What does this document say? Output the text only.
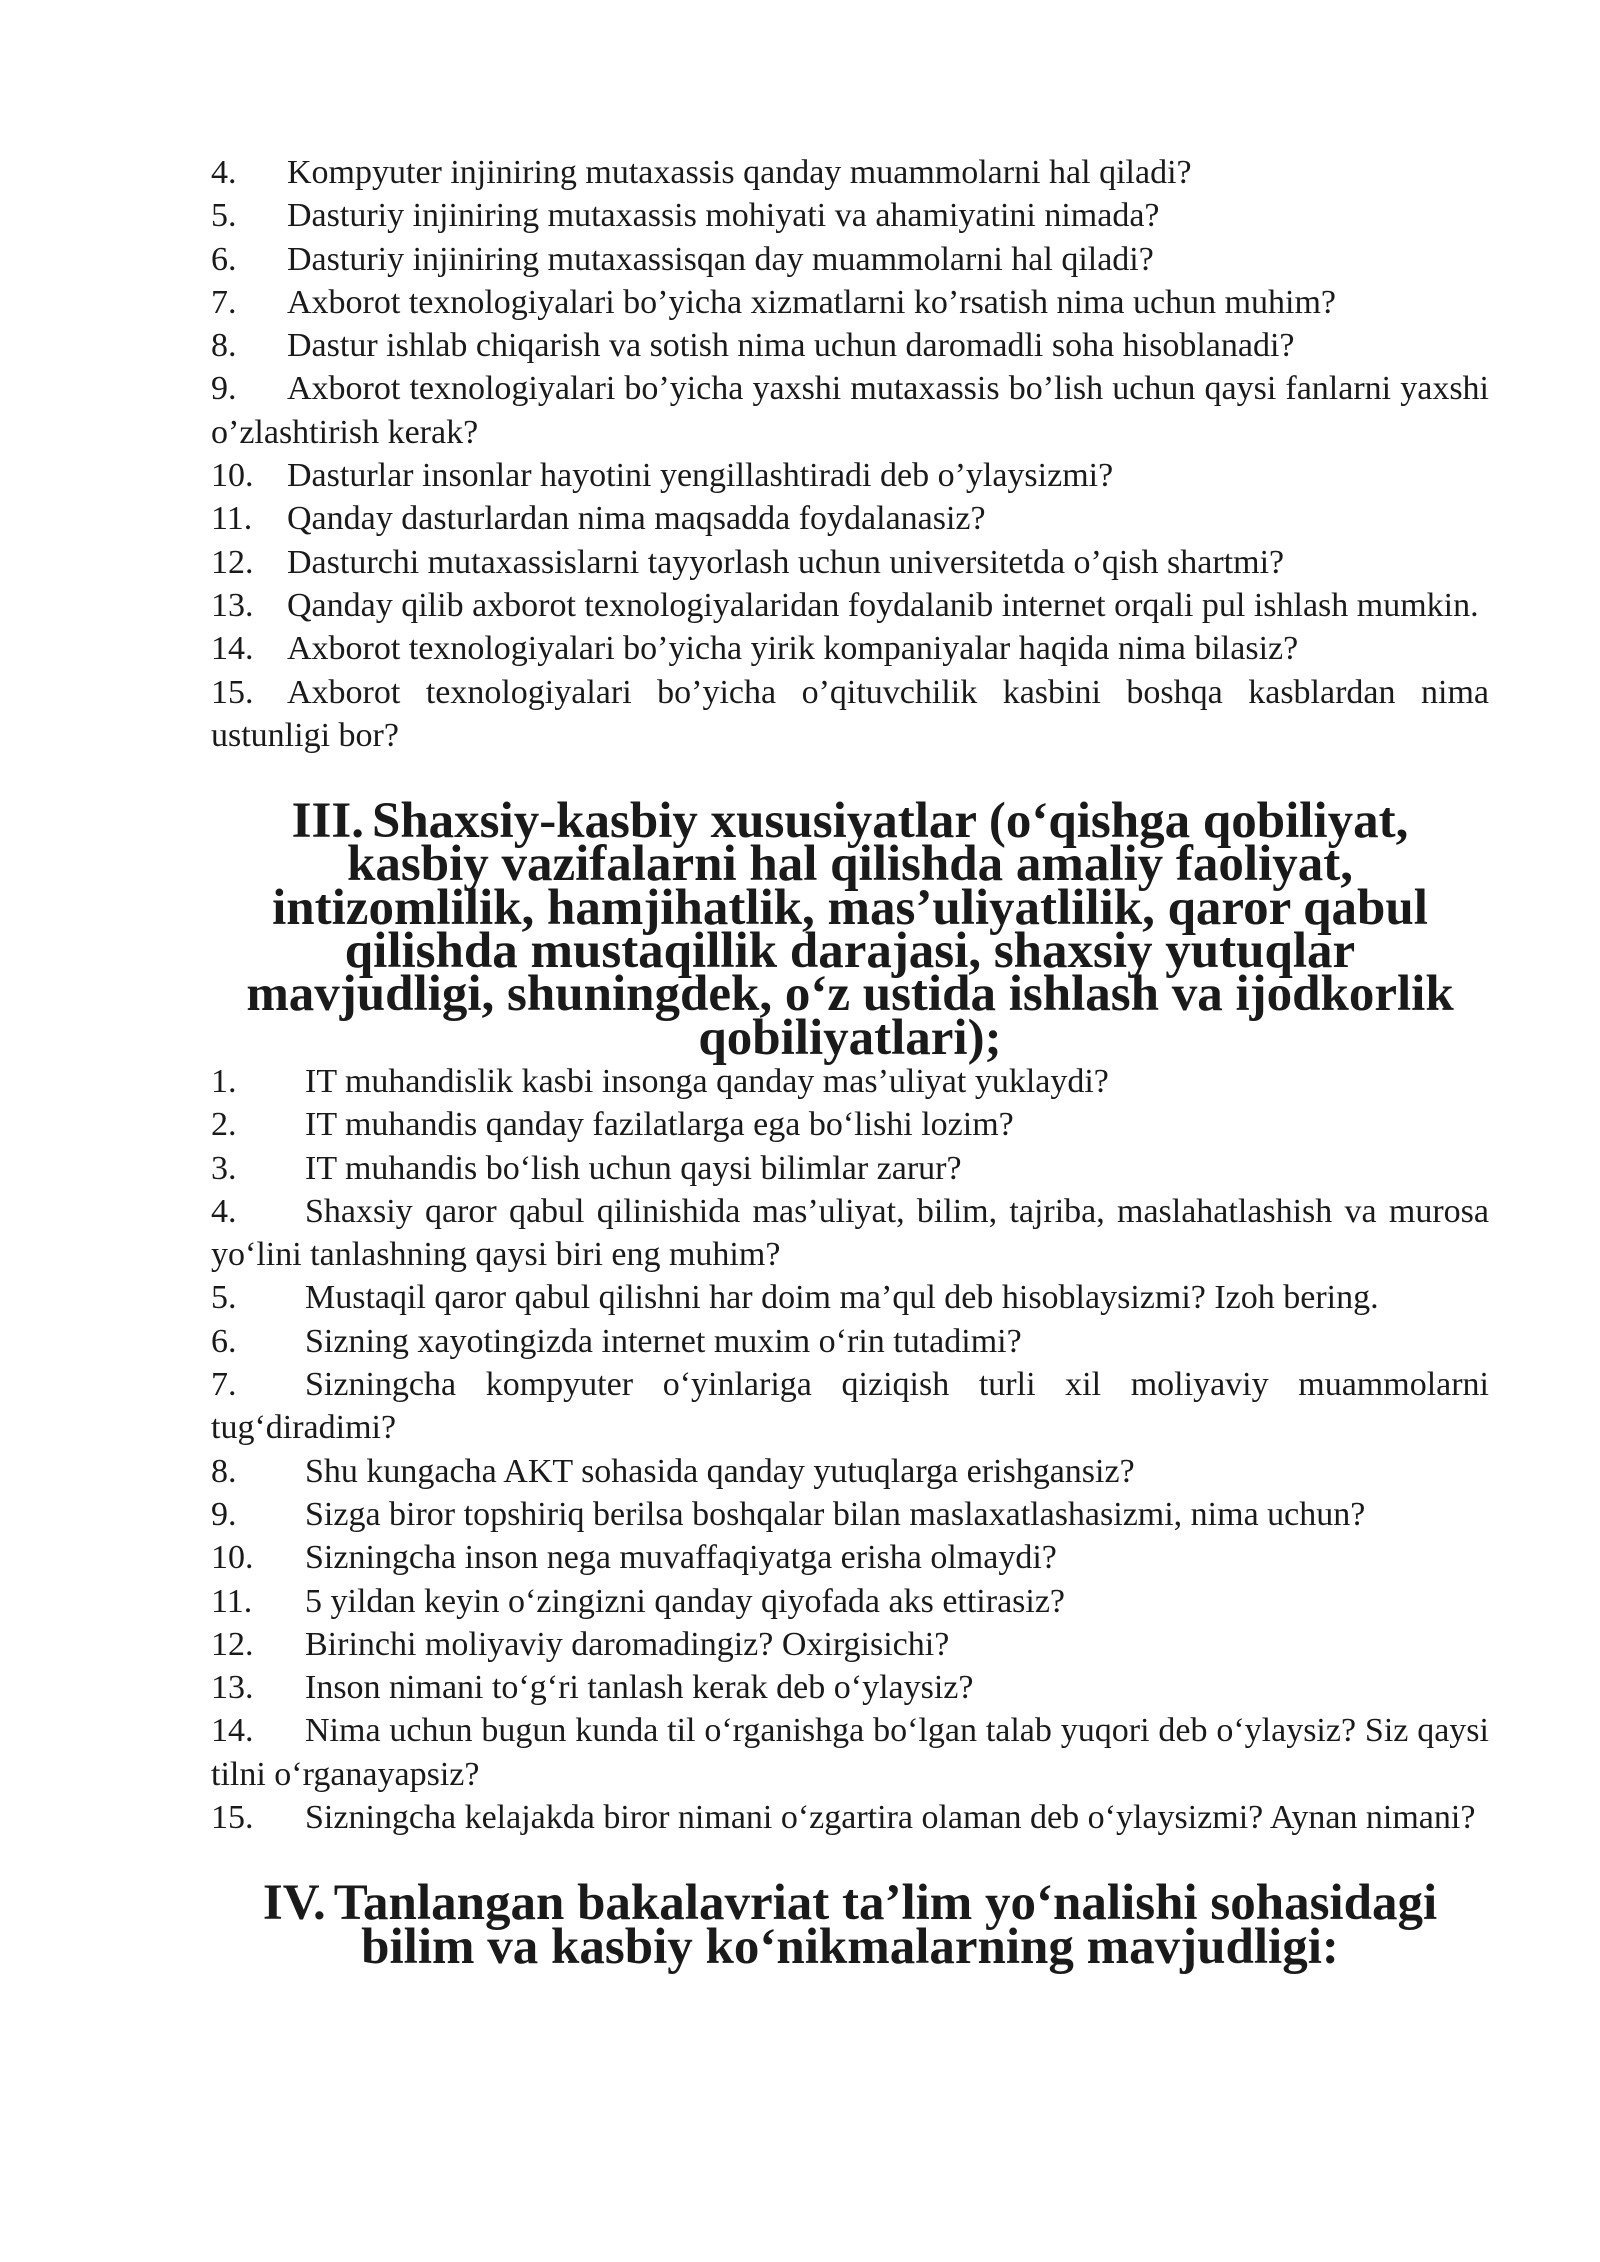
4. Kompyuter injiniring mutaxassis qanday muammolarni hal qiladi?

5. Dasturiy injiniring mutaxassis mohiyati va ahamiyatini nimada?

6. Dasturiy injiniring mutaxassisqan day muammolarni hal qiladi?

7. Axborot texnologiyalari bo’yicha xizmatlarni ko’rsatish nima uchun muhim?

8. Dastur ishlab chiqarish va sotish nima uchun daromadli soha hisoblanadi?

9. Axborot texnologiyalari bo’yicha yaxshi mutaxassis bo’lish uchun qaysi fanlarni yaxshi o’zlashtirish kerak?

10. Dasturlar insonlar hayotini yengillashtiradi deb o’ylaysizmi?

11. Qanday dasturlardan nima maqsadda foydalanasiz?

12. Dasturchi mutaxassislarni tayyorlash uchun universitetda o’qish shartmi?

13. Qanday qilib axborot texnologiyalaridan foydalanib internet orqali pul ishlash mumkin.

14. Axborot texnologiyalari bo’yicha yirik kompaniyalar haqida nima bilasiz?

15. Axborot texnologiyalari bo’yicha o’qituvchilik kasbini boshqa kasblardan nima ustunligi bor?

III. Shaxsiy-kasbiy xususiyatlar (o‘qishga qobiliyat, kasbiy vazifalarni hal qilishda amaliy faoliyat, intizomlilik, hamjihatlik, mas’uliyatlilik, qaror qabul qilishda mustaqillik darajasi, shaxsiy yutuqlar mavjudligi, shuningdek, o‘z ustida ishlash va ijodkorlik qobiliyatlari);

1. IT muhandislik kasbi insonga qanday mas’uliyat yuklaydi?

2. IT muhandis qanday fazilatlarga ega bo‘lishi lozim?

3. IT muhandis bo‘lish uchun qaysi bilimlar zarur?

4. Shaxsiy qaror qabul qilinishida mas’uliyat, bilim, tajriba, maslahatlashish va murosa yo‘lini tanlashning qaysi biri eng muhim?

5. Mustaqil qaror qabul qilishni har doim ma’qul deb hisoblaysizmi? Izoh bering.

6. Sizning xayotingizda internet muxim o‘rin tutadimi?

7. Sizningcha kompyuter o‘yinlariga qiziqish turli xil moliyaviy muammolarni tug‘diradimi?

8. Shu kungacha AKT sohasida qanday yutuqlarga erishgansiz?

9. Sizga biror topshiriq berilsa boshqalar bilan maslaxatlashasizmi, nima uchun?

10. Sizningcha inson nega muvaffaqiyatga erisha olmaydi?

11. 5 yildan keyin o‘zingizni qanday qiyofada aks ettirasiz?

12. Birinchi moliyaviy daromadingiz? Oxirgisichi?

13. Inson nimani to‘g‘ri tanlash kerak deb o‘ylaysiz?

14. Nima uchun bugun kunda til o‘rganishga bo‘lgan talab yuqori deb o‘ylaysiz? Siz qaysi tilni o‘rganayapsiz?

15. Sizningcha kelajakda biror nimani o‘zgartira olaman deb o‘ylaysizmi? Aynan nimani?

IV. Tanlangan bakalavriat ta’lim yo‘nalishi sohasidagi bilim va kasbiy ko‘nikmalarning mavjudligi:
